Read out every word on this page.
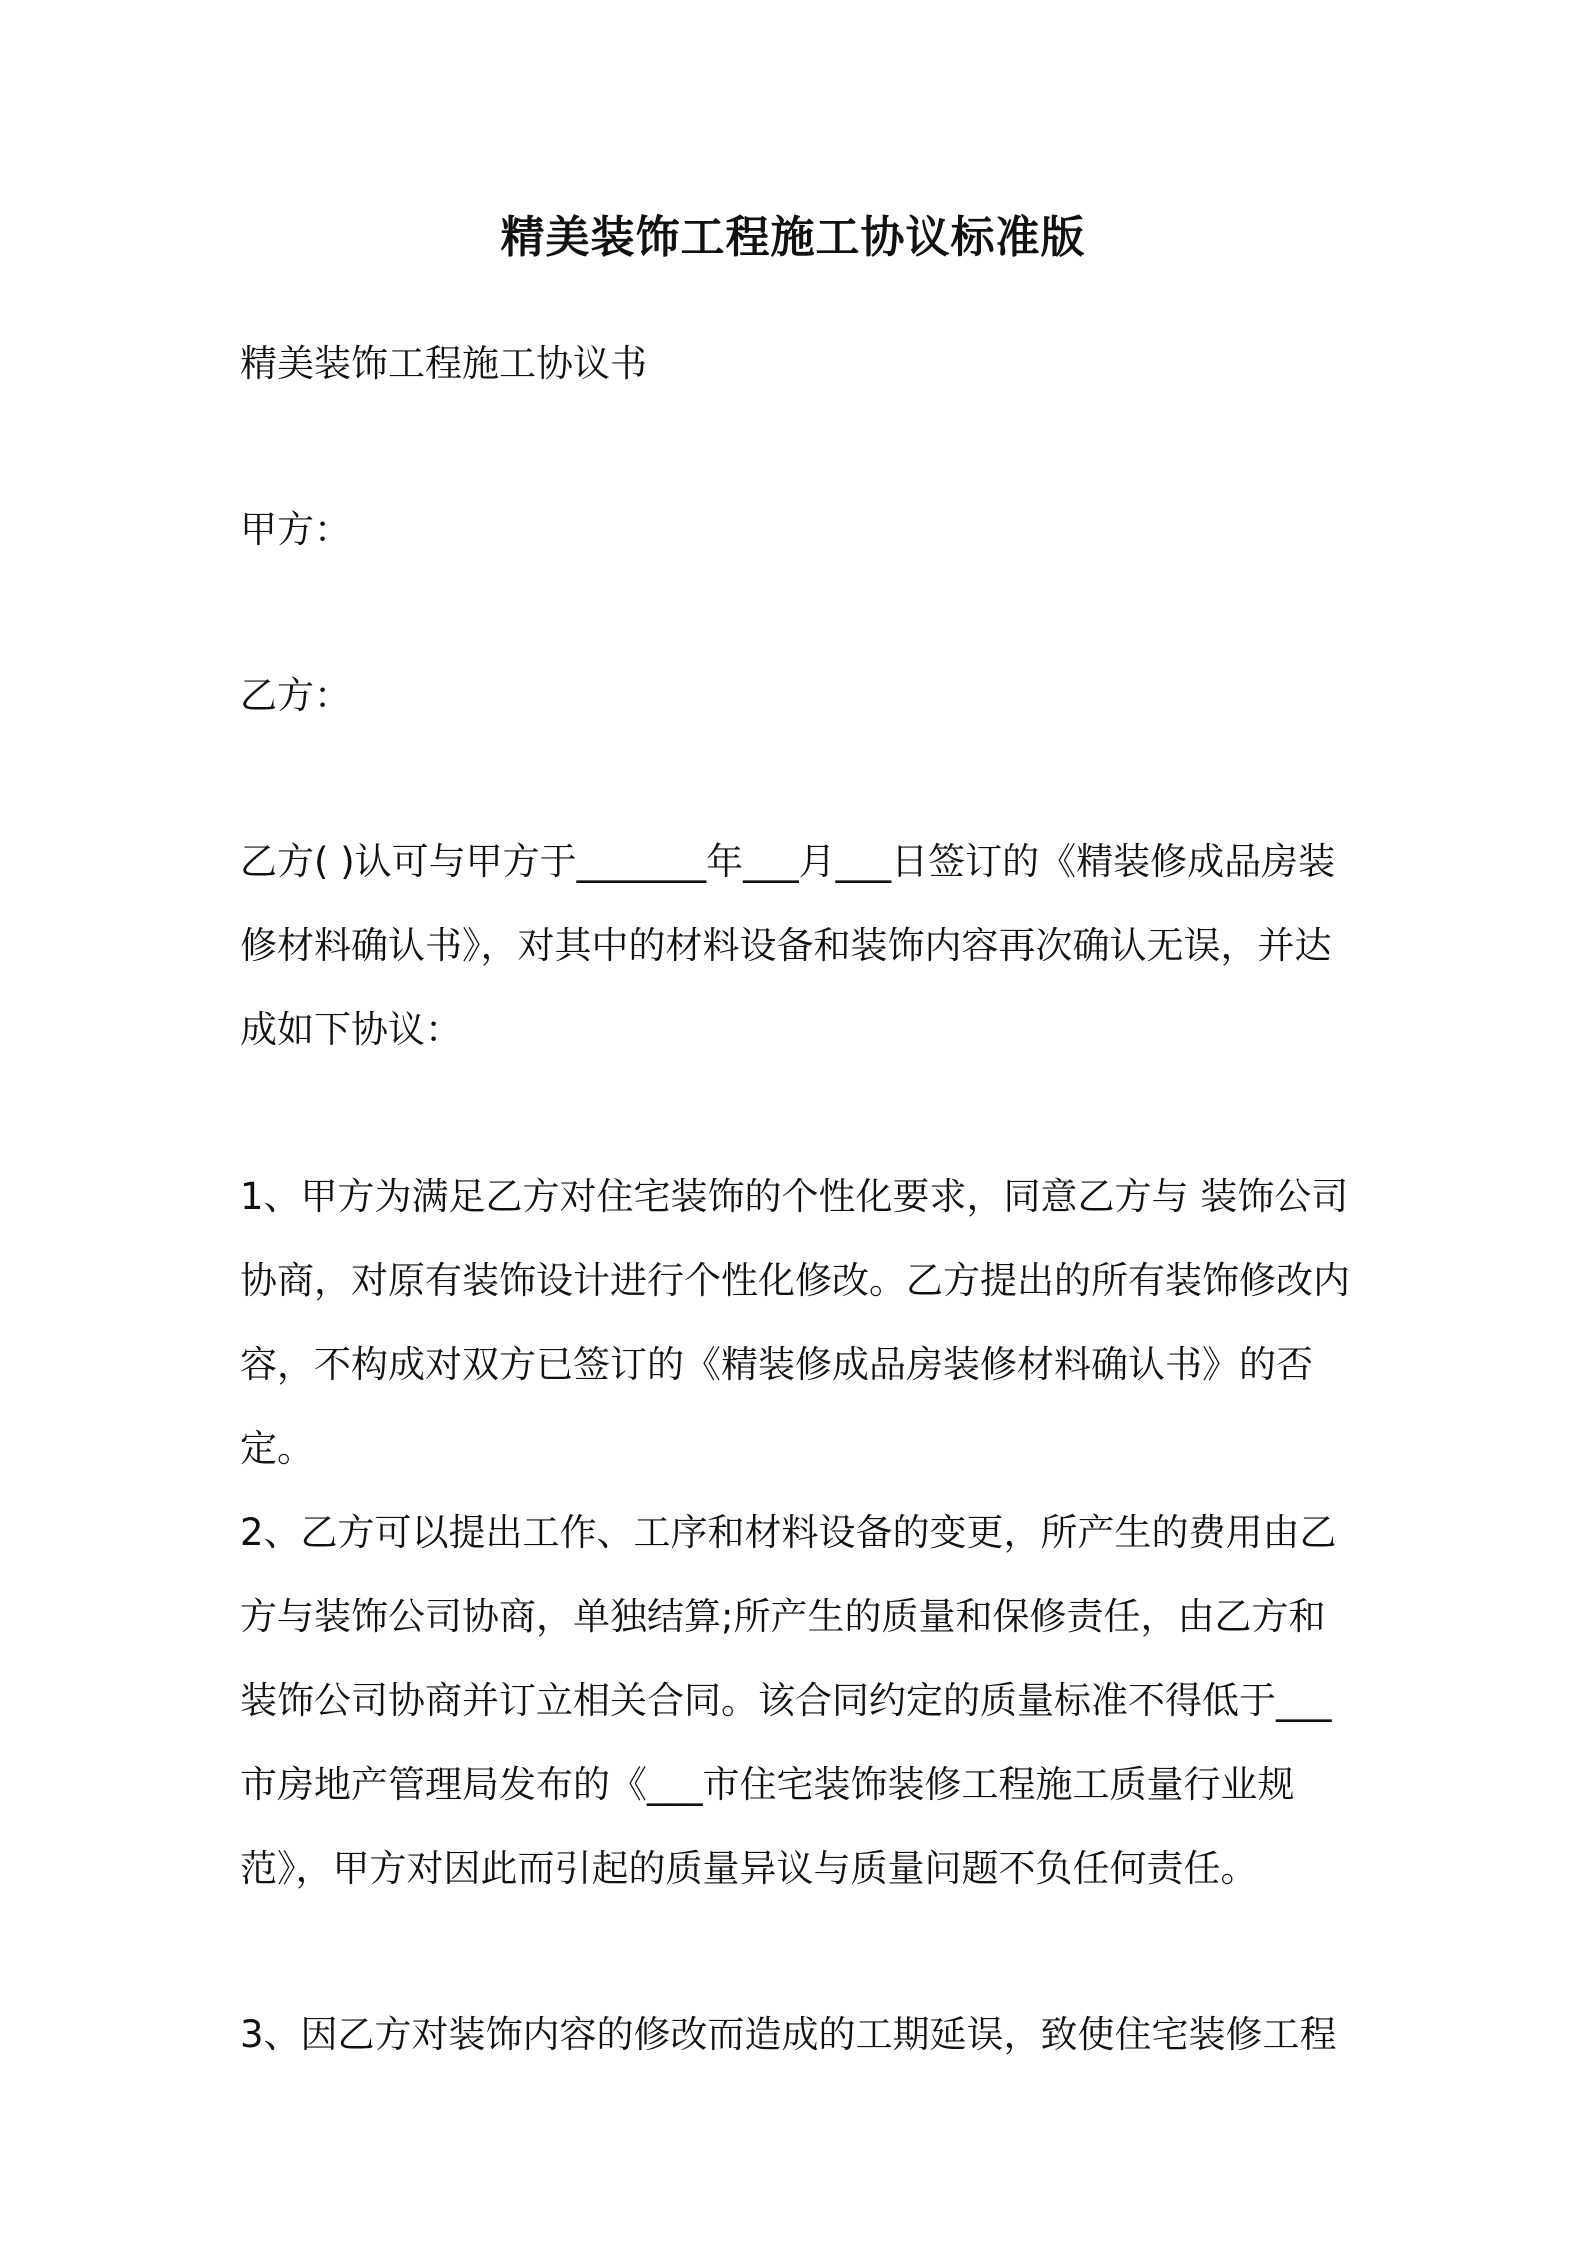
精美装饰工程施工协议标准版

精美装饰工程施工协议书

甲方：

乙方：

乙方( )认可与甲方于_______年___月___日签订的《精装修成品房装修材料确认书》，对其中的材料设备和装饰内容再次确认无误，并达成如下协议：

1、甲方为满足乙方对住宅装饰的个性化要求，同意乙方与 装饰公司协商，对原有装饰设计进行个性化修改。乙方提出的所有装饰修改内容，不构成对双方已签订的《精装修成品房装修材料确认书》的否定。

2、乙方可以提出工作、工序和材料设备的变更，所产生的费用由乙方与装饰公司协商，单独结算;所产生的质量和保修责任，由乙方和装饰公司协商并订立相关合同。该合同约定的质量标准不得低于___市房地产管理局发布的《___市住宅装饰装修工程施工质量行业规范》，甲方对因此而引起的质量异议与质量问题不负任何责任。

3、因乙方对装饰内容的修改而造成的工期延误，致使住宅装修工程
